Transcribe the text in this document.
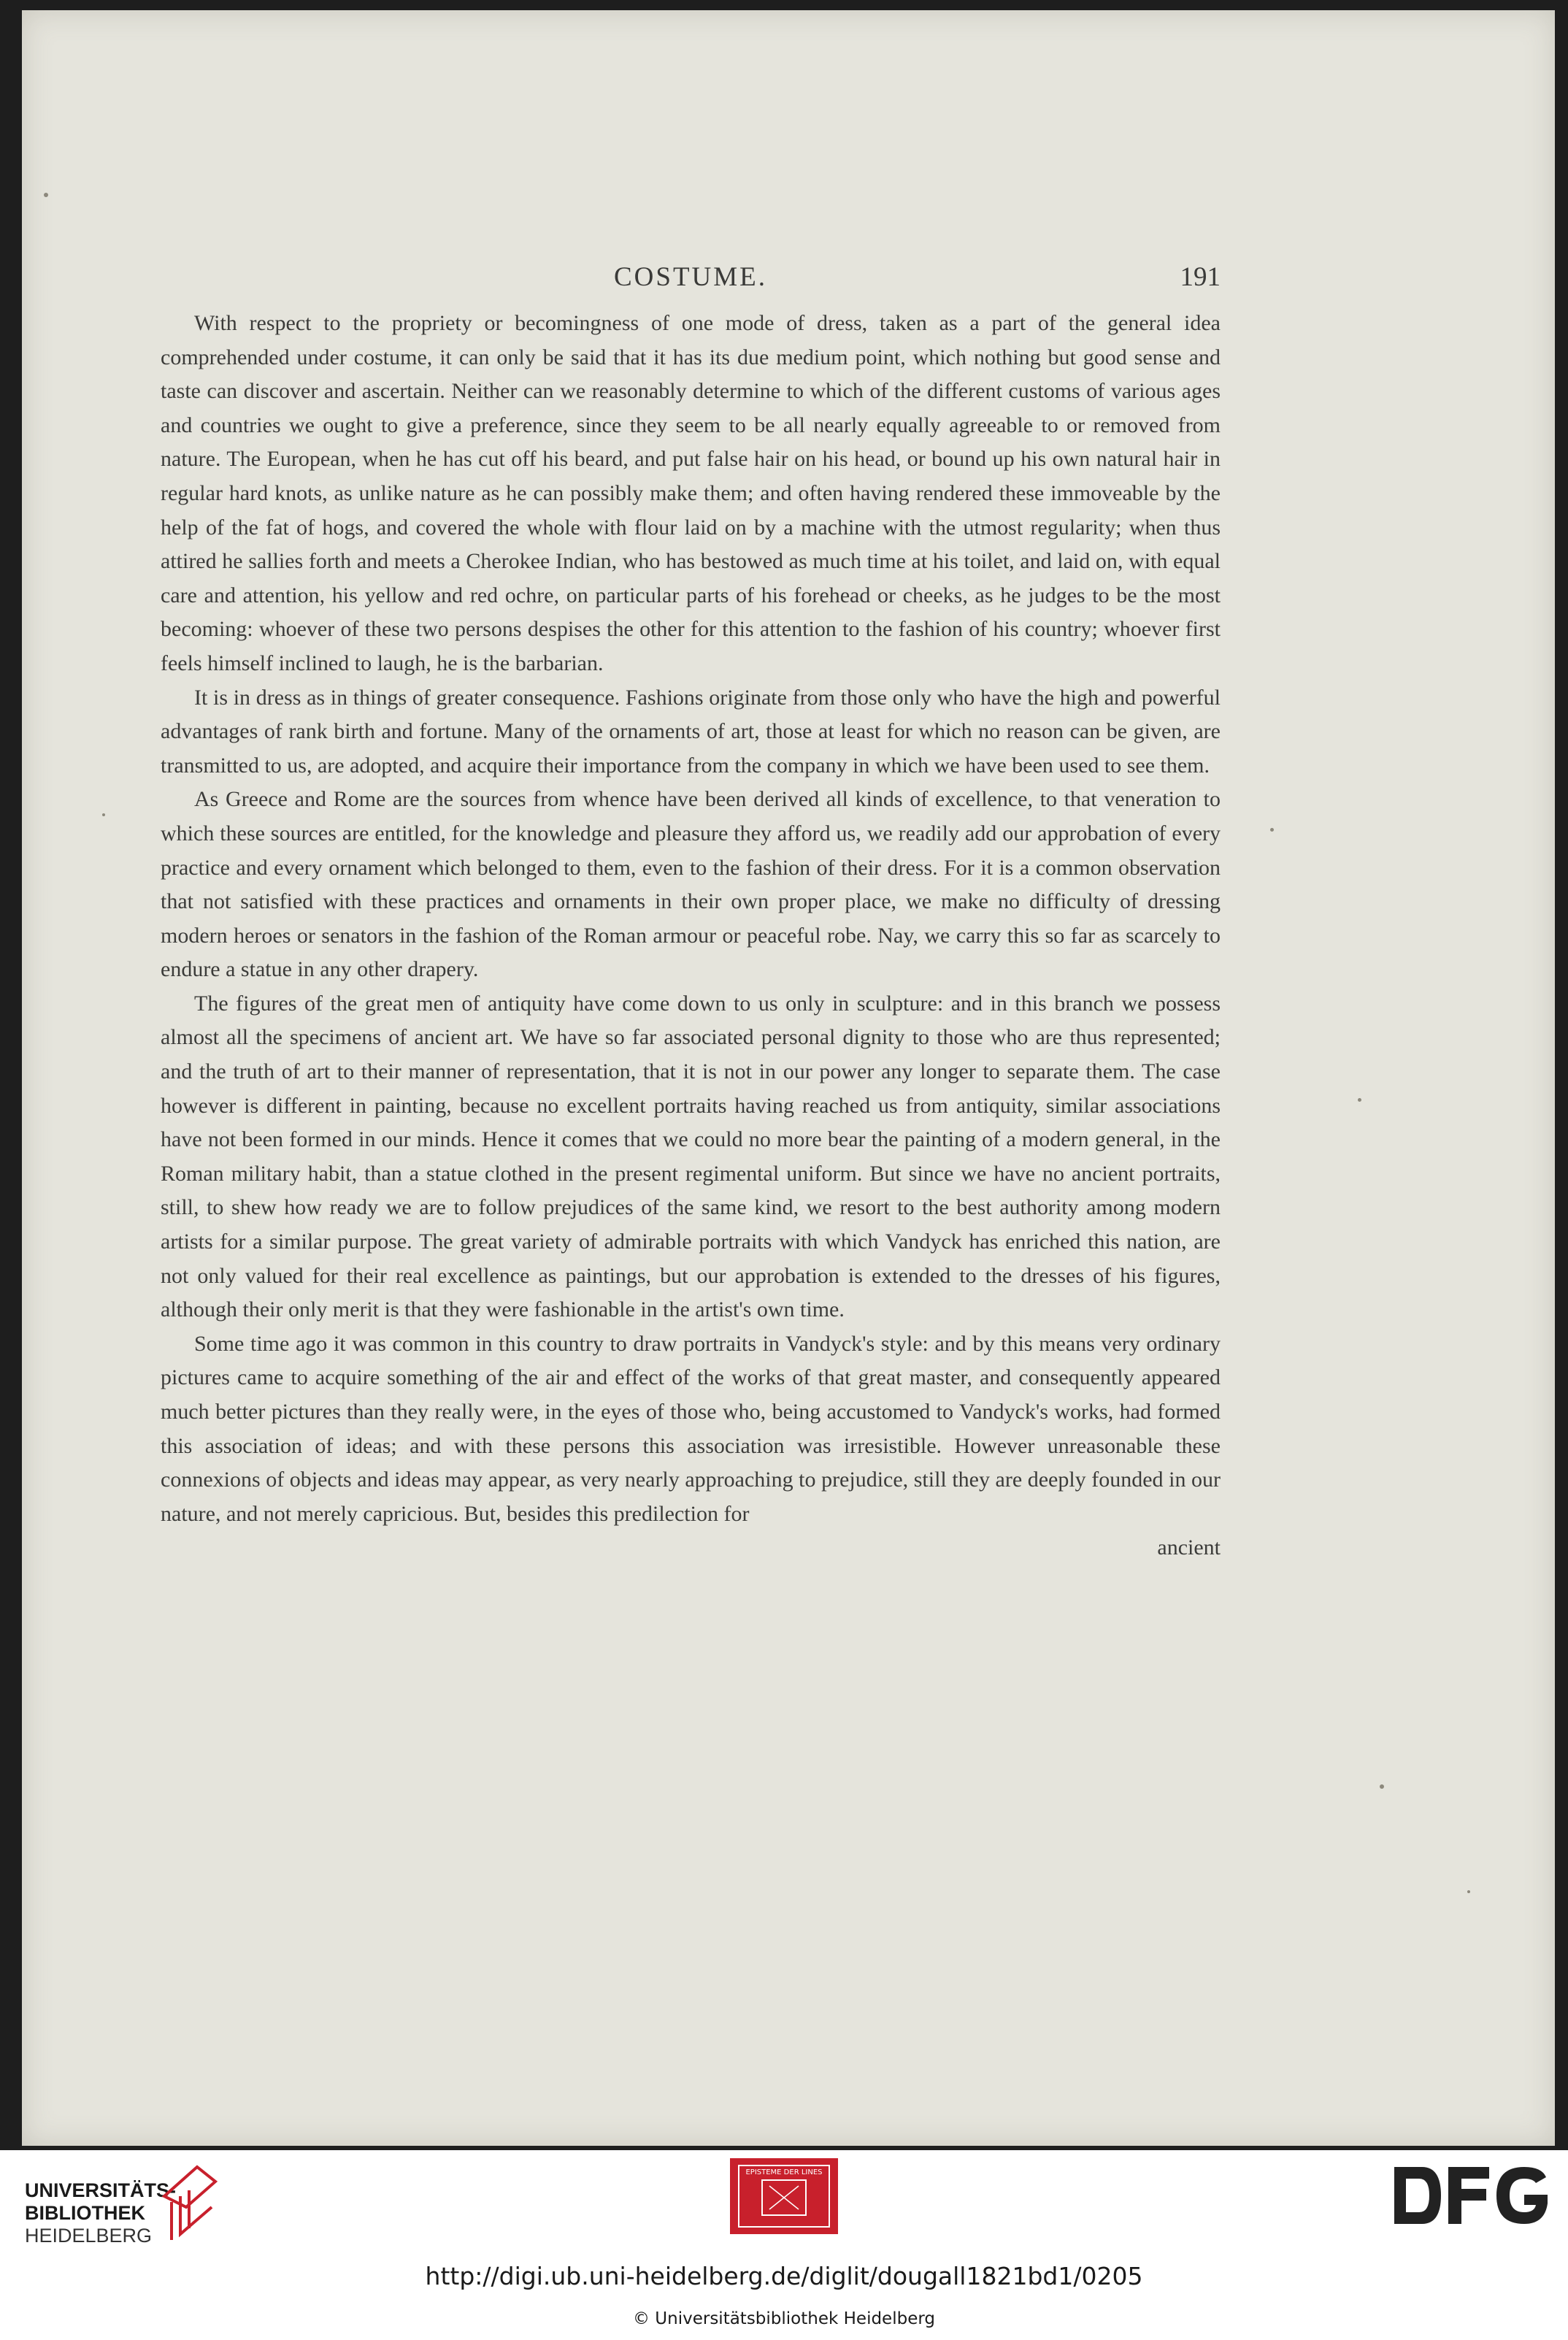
COSTUME.	191

With respect to the propriety or becomingness of one mode of dress, taken as a part of the general idea comprehended under costume, it can only be said that it has its due medium point, which nothing but good sense and taste can discover and ascertain. Neither can we reasonably determine to which of the different customs of various ages and countries we ought to give a preference, since they seem to be all nearly equally agreeable to or removed from nature. The European, when he has cut off his beard, and put false hair on his head, or bound up his own natural hair in regular hard knots, as unlike nature as he can possibly make them; and often having rendered these immoveable by the help of the fat of hogs, and covered the whole with flour laid on by a machine with the utmost regularity; when thus attired he sallies forth and meets a Cherokee Indian, who has bestowed as much time at his toilet, and laid on, with equal care and attention, his yellow and red ochre, on particular parts of his forehead or cheeks, as he judges to be the most becoming: whoever of these two persons despises the other for this attention to the fashion of his country; whoever first feels himself inclined to laugh, he is the barbarian.

It is in dress as in things of greater consequence. Fashions originate from those only who have the high and powerful advantages of rank birth and fortune. Many of the ornaments of art, those at least for which no reason can be given, are transmitted to us, are adopted, and acquire their importance from the company in which we have been used to see them.

As Greece and Rome are the sources from whence have been derived all kinds of excellence, to that veneration to which these sources are entitled, for the knowledge and pleasure they afford us, we readily add our approbation of every practice and every ornament which belonged to them, even to the fashion of their dress. For it is a common observation that not satisfied with these practices and ornaments in their own proper place, we make no difficulty of dressing modern heroes or senators in the fashion of the Roman armour or peaceful robe. Nay, we carry this so far as scarcely to endure a statue in any other drapery.

The figures of the great men of antiquity have come down to us only in sculpture: and in this branch we possess almost all the specimens of ancient art. We have so far associated personal dignity to those who are thus represented; and the truth of art to their manner of representation, that it is not in our power any longer to separate them. The case however is different in painting, because no excellent portraits having reached us from antiquity, similar associations have not been formed in our minds. Hence it comes that we could no more bear the painting of a modern general, in the Roman military habit, than a statue clothed in the present regimental uniform. But since we have no ancient portraits, still, to shew how ready we are to follow prejudices of the same kind, we resort to the best authority among modern artists for a similar purpose. The great variety of admirable portraits with which Vandyck has enriched this nation, are not only valued for their real excellence as paintings, but our approbation is extended to the dresses of his figures, although their only merit is that they were fashionable in the artist's own time.

Some time ago it was common in this country to draw portraits in Vandyck's style: and by this means very ordinary pictures came to acquire something of the air and effect of the works of that great master, and consequently appeared much better pictures than they really were, in the eyes of those who, being accustomed to Vandyck's works, had formed this association of ideas; and with these persons this association was irresistible. However unreasonable these connexions of objects and ideas may appear, as very nearly approaching to prejudice, still they are deeply founded in our nature, and not merely capricious. But, besides this predilection for

ancient

UNIVERSITÄTS-
BIBLIOTHEK
HEIDELBERG
EPISTEME DER LINES
http://digi.ub.uni-heidelberg.de/diglit/dougall1821bd1/0205
© Universitätsbibliothek Heidelberg
